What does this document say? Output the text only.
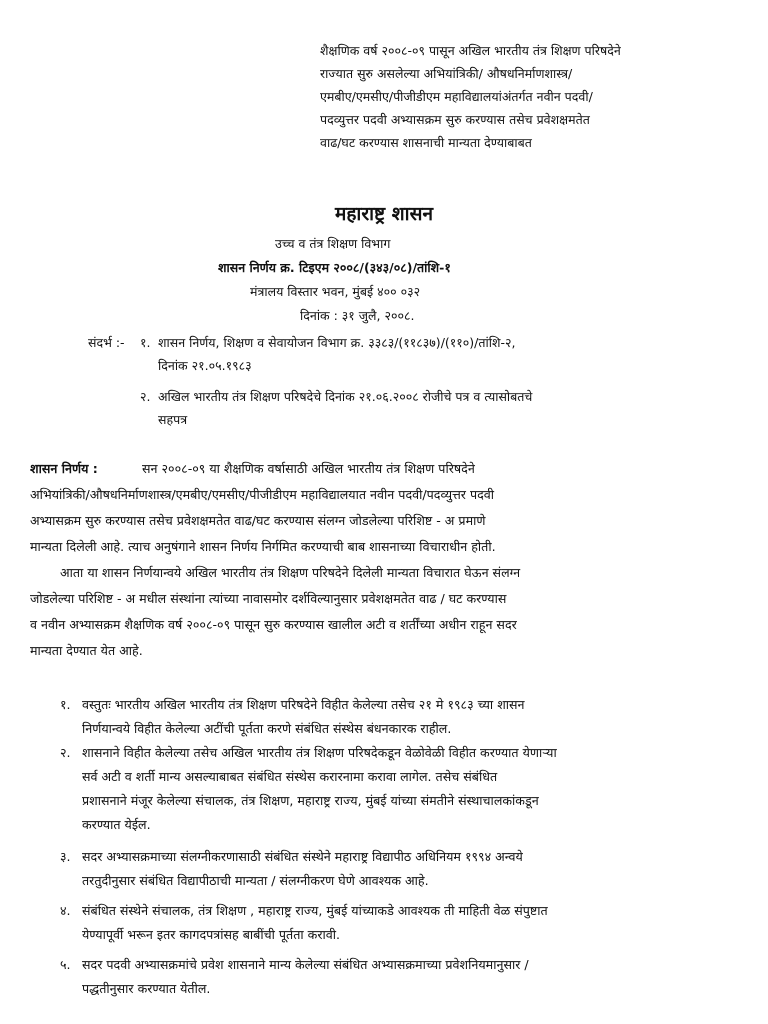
शैक्षणिक वर्ष २००८-०९ पासून अखिल भारतीय तंत्र शिक्षण परिषदेने
राज्यात सुरु असलेल्या अभियांत्रिकी/ औषधनिर्माणशास्त्र/
एमबीए/एमसीए/पीजीडीएम महाविद्यालयांअंतर्गत नवीन पदवी/
पदव्युत्तर पदवी अभ्यासक्रम सुरु करण्यास तसेच प्रवेशक्षमतेत
वाढ/घट करण्यास शासनाची मान्यता देण्याबाबत
महाराष्ट्र शासन
उच्च व तंत्र शिक्षण विभाग
शासन निर्णय क्र. टिइएम २००८/(३४३/०८)/तांशि-१
मंत्रालय विस्तार भवन, मुंबई ४०० ०३२
दिनांक : ३१ जुलै, २००८.
संदर्भ :- १. शासन निर्णय, शिक्षण व सेवायोजन विभाग क्र. ३३८३/(११८३७)/(११०)/तांशि-२,
दिनांक २१.०५.१९८३
२. अखिल भारतीय तंत्र शिक्षण परिषदेचे दिनांक २१.०६.२००८ रोजीचे पत्र व त्यासोबतचे
सहपत्र
शासन निर्णय :	सन २००८-०९ या शैक्षणिक वर्षासाठी अखिल भारतीय तंत्र शिक्षण परिषदेने
अभियांत्रिकी/औषधनिर्माणशास्त्र/एमबीए/एमसीए/पीजीडीएम महाविद्यालयात नवीन पदवी/पदव्युत्तर पदवी
अभ्यासक्रम सुरु करण्यास तसेच प्रवेशक्षमतेत वाढ/घट करण्यास संलग्न जोडलेल्या परिशिष्ट - अ प्रमाणे
मान्यता दिलेली आहे. त्याच अनुषंगाने शासन निर्णय निर्गमित करण्याची बाब शासनाच्या विचाराधीन होती.
आता या शासन निर्णयान्वये अखिल भारतीय तंत्र शिक्षण परिषदेने दिलेली मान्यता विचारात घेऊन संलग्न
जोडलेल्या परिशिष्ट - अ मधील संस्थांना त्यांच्या नावासमोर दर्शविल्यानुसार प्रवेशक्षमतेत वाढ / घट करण्यास
व नवीन अभ्यासक्रम शैक्षणिक वर्ष २००८-०९ पासून सुरु करण्यास खालील अटी व शर्तींच्या अधीन राहून सदर
मान्यता देण्यात येत आहे.
१. वस्तुतः भारतीय अखिल भारतीय तंत्र शिक्षण परिषदेने विहीत केलेल्या तसेच २१ मे १९८३ च्या शासन
निर्णयान्वये विहीत केलेल्या अटींची पूर्तता करणे संबंधित संस्थेस बंधनकारक राहील.
२. शासनाने विहीत केलेल्या तसेच अखिल भारतीय तंत्र शिक्षण परिषदेकडून वेळोवेळी विहीत करण्यात येणाऱ्या
सर्व अटी व शर्ती मान्य असल्याबाबत संबंधित संस्थेस करारनामा करावा लागेल. तसेच संबंधित
प्रशासनाने मंजूर केलेल्या संचालक, तंत्र शिक्षण, महाराष्ट्र राज्य, मुंबई यांच्या संमतीने संस्थाचालकांकडून
करण्यात येईल.
३. सदर अभ्यासक्रमाच्या संलग्नीकरणासाठी संबंधित संस्थेने महाराष्ट्र विद्यापीठ अधिनियम १९९४ अन्वये
तरतुदीनुसार संबंधित विद्यापीठाची मान्यता / संलग्नीकरण घेणे आवश्यक आहे.
४. संबंधित संस्थेने संचालक, तंत्र शिक्षण , महाराष्ट्र राज्य, मुंबई यांच्याकडे आवश्यक ती माहिती वेळ संपुष्टात
येण्यापूर्वी भरून इतर कागदपत्रांसह बाबींची पूर्तता करावी.
५. सदर पदवी अभ्यासक्रमांचे प्रवेश शासनाने मान्य केलेल्या संबंधित अभ्यासक्रमाच्या प्रवेशनियमानुसार /
पद्धतीनुसार करण्यात येतील.
